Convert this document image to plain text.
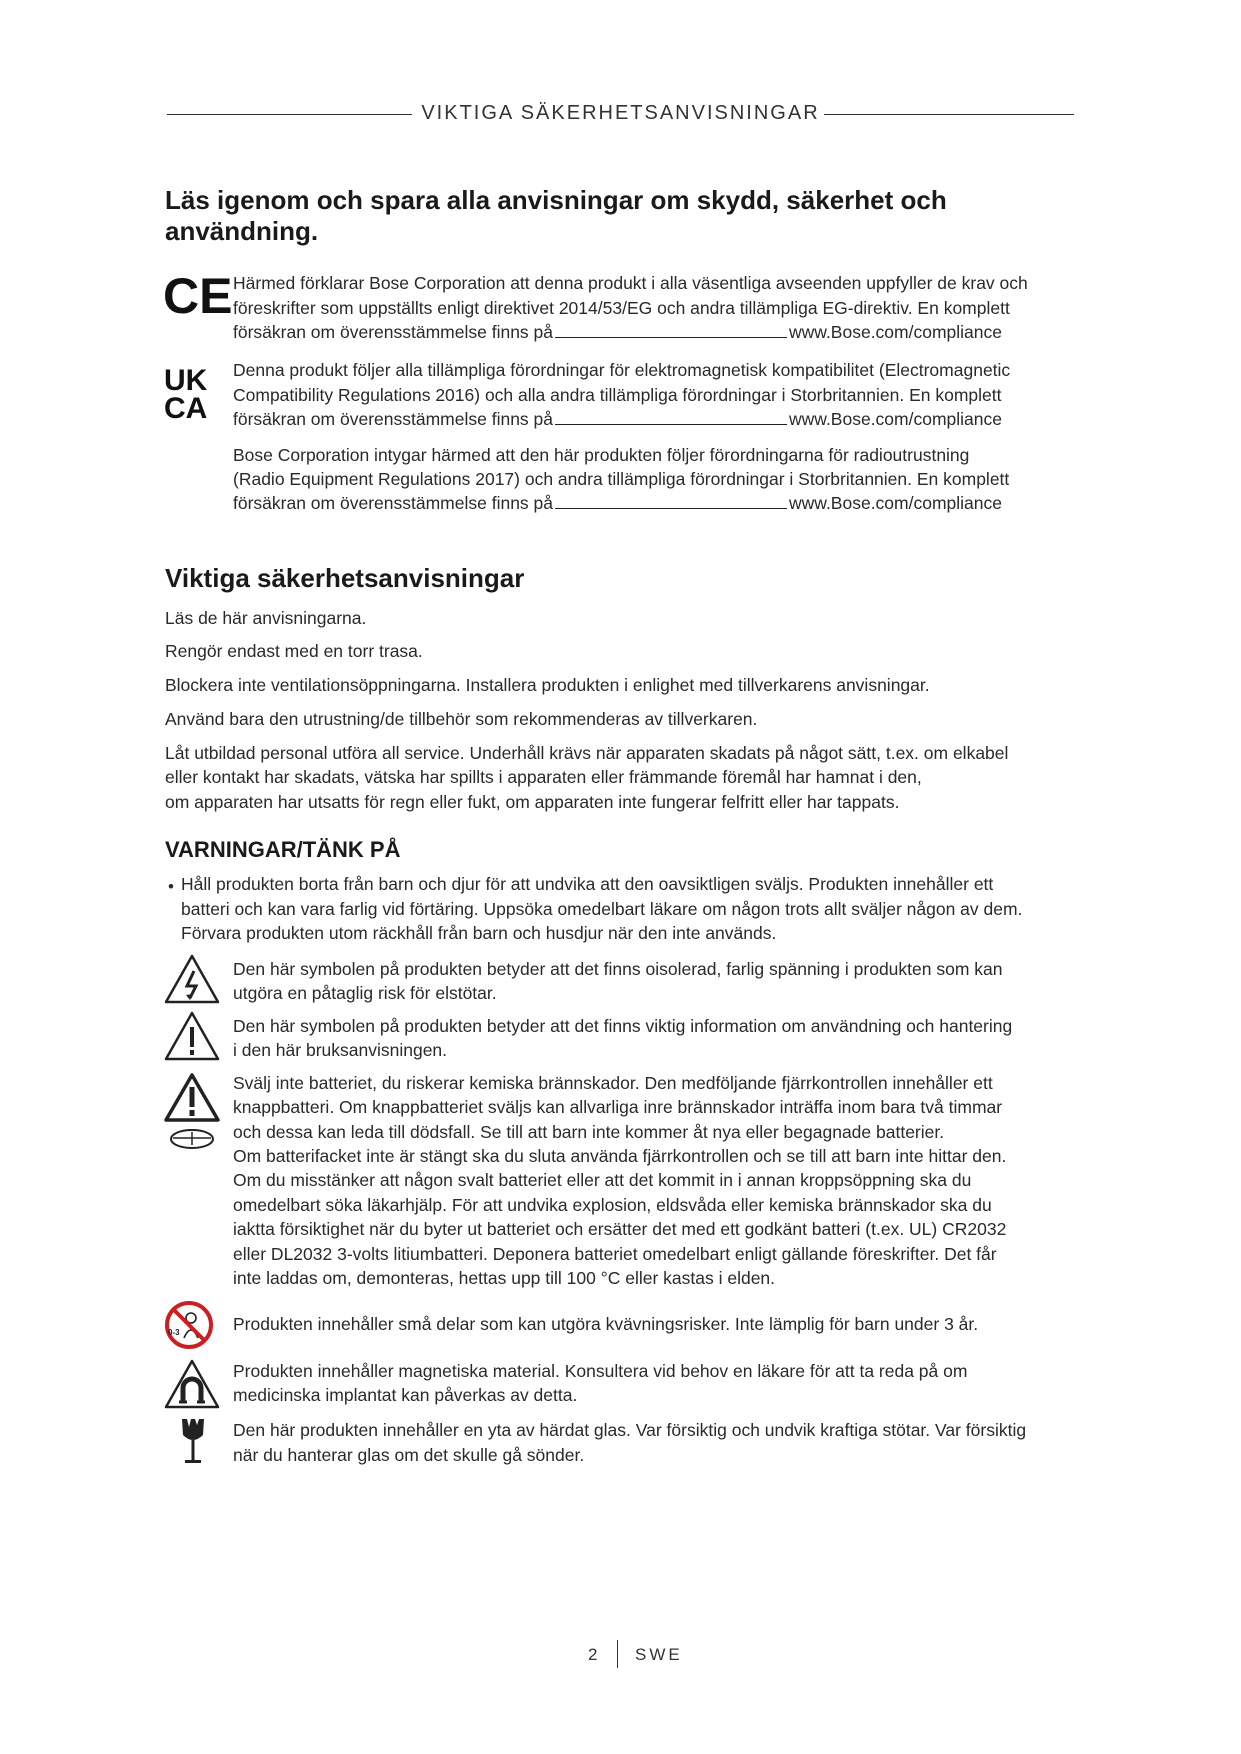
VIKTIGA SÄKERHETSANVISNINGAR
Läs igenom och spara alla anvisningar om skydd, säkerhet och användning.
CE Härmed förklarar Bose Corporation att denna produkt i alla väsentliga avseenden uppfyller de krav och
föreskrifter som uppställts enligt direktivet 2014/53/EG och andra tillämpliga EG-direktiv. En komplett
försäkran om överensstämmelse finns på	www.Bose.com/compliance
UK
CA
Denna produkt följer alla tillämpliga förordningar för elektromagnetisk kompatibilitet (Electromagnetic
Compatibility Regulations 2016) och alla andra tillämpliga förordningar i Storbritannien. En komplett
försäkran om överensstämmelse finns på	www.Bose.com/compliance
Bose Corporation intygar härmed att den här produkten följer förordningarna för radioutrustning
(Radio Equipment Regulations 2017) och andra tillämpliga förordningar i Storbritannien. En komplett
försäkran om överensstämmelse finns på	www.Bose.com/compliance
Viktiga säkerhetsanvisningar
Läs de här anvisningarna.
Rengör endast med en torr trasa.
Blockera inte ventilationsöppningarna. Installera produkten i enlighet med tillverkarens anvisningar.
Använd bara den utrustning/de tillbehör som rekommenderas av tillverkaren.
Låt utbildad personal utföra all service. Underhåll krävs när apparaten skadats på något sätt, t.ex. om elkabel
eller kontakt har skadats, vätska har spillts i apparaten eller främmande föremål har hamnat i den,
om apparaten har utsatts för regn eller fukt, om apparaten inte fungerar felfritt eller har tappats.
VARNINGAR/TÄNK PÅ
• Håll produkten borta från barn och djur för att undvika att den oavsiktligen sväljs. Produkten innehåller ett
batteri och kan vara farlig vid förtäring. Uppsöka omedelbart läkare om någon trots allt sväljer någon av dem.
Förvara produkten utom räckhåll från barn och husdjur när den inte används.
Den här symbolen på produkten betyder att det finns oisolerad, farlig spänning i produkten som kan
utgöra en påtaglig risk för elstötar.
Den här symbolen på produkten betyder att det finns viktig information om användning och hantering
i den här bruksanvisningen.
Svälj inte batteriet, du riskerar kemiska brännskador. Den medföljande fjärrkontrollen innehåller ett
knappbatteri. Om knappbatteriet sväljs kan allvarliga inre brännskador inträffa inom bara två timmar
och dessa kan leda till dödsfall. Se till att barn inte kommer åt nya eller begagnade batterier.
Om batterifacket inte är stängt ska du sluta använda fjärrkontrollen och se till att barn inte hittar den.
Om du misstänker att någon svalt batteriet eller att det kommit in i annan kroppsöppning ska du
omedelbart söka läkarhjälp. För att undvika explosion, eldsvåda eller kemiska brännskador ska du
iaktta försiktighet när du byter ut batteriet och ersätter det med ett godkänt batteri (t.ex. UL) CR2032
eller DL2032 3-volts litiumbatteri. Deponera batteriet omedelbart enligt gällande föreskrifter. Det får
inte laddas om, demonteras, hettas upp till 100 °C eller kastas i elden.
0-3	Produkten innehåller små delar som kan utgöra kvävningsrisker. Inte lämplig för barn under 3 år.
Produkten innehåller magnetiska material. Konsultera vid behov en läkare för att ta reda på om
medicinska implantat kan påverkas av detta.
Den här produkten innehåller en yta av härdat glas. Var försiktig och undvik kraftiga stötar. Var försiktig
när du hanterar glas om det skulle gå sönder.
2 SWE
